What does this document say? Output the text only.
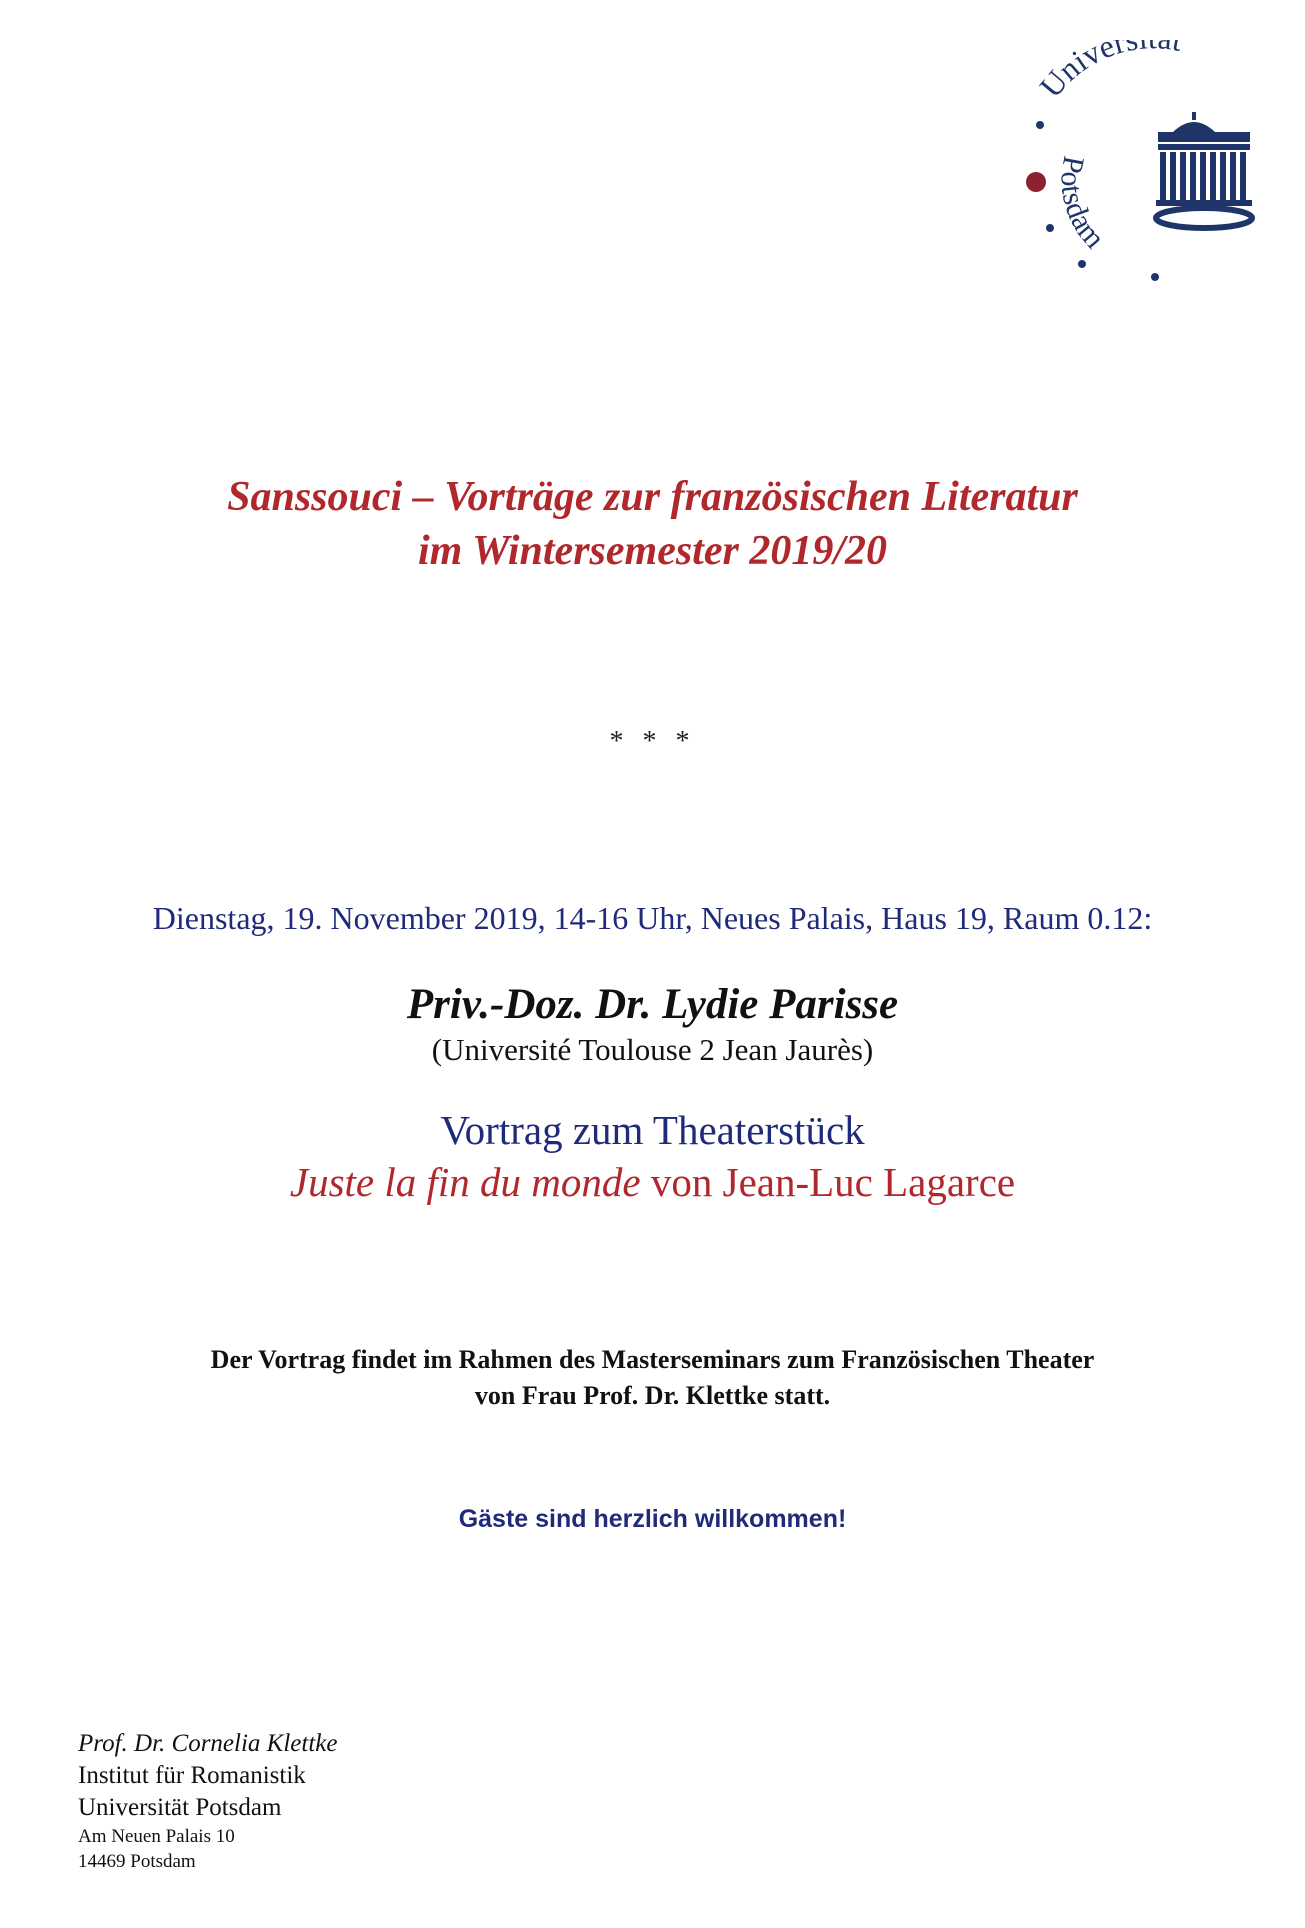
Univer
Potsdam
Sanssouci – Vorträge zur französischen Literatur
im Wintersemester 2019/20
* * *
Dienstag, 19. November 2019, 14-16 Uhr, Neues Palais, Haus 19, Raum 0.12:
Priv.-Doz. Dr. Lydie Parisse
(Université Toulouse 2 Jean Jaurès)
Vortrag zum Theaterstück
Juste la fin du monde von Jean-Luc Lagarce
Der Vortrag findet im Rahmen des Masterseminars zum Französischen Theater
von Frau Prof. Dr. Klettke statt.
Gäste sind herzlich willkommen!
Prof. Dr. Cornelia Klettke
Institut für Romanistik
Universität Potsdam
Am Neuen Palais 10
14469 Potsdam
